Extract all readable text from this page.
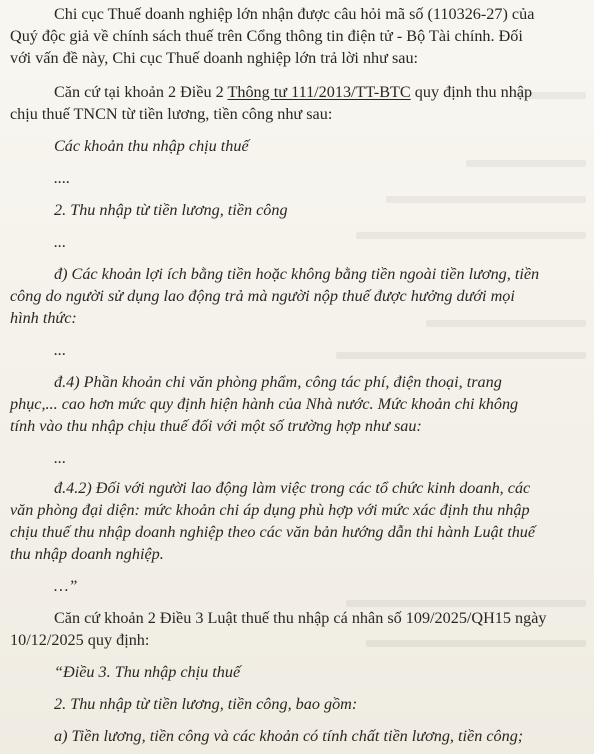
Chi cục Thuế doanh nghiệp lớn nhận được câu hỏi mã số (110326-27) của
Quý độc giả về chính sách thuế trên Cổng thông tin điện tử - Bộ Tài chính. Đối
với vấn đề này, Chi cục Thuế doanh nghiệp lớn trả lời như sau:
Căn cứ tại khoản 2 Điều 2 Thông tư 111/2013/TT-BTC quy định thu nhập
chịu thuế TNCN từ tiền lương, tiền công như sau:
Các khoản thu nhập chịu thuế
....
2. Thu nhập từ tiền lương, tiền công
...
đ) Các khoản lợi ích bằng tiền hoặc không bằng tiền ngoài tiền lương, tiền
công do người sử dụng lao động trả mà người nộp thuế được hưởng dưới mọi
hình thức:
...
đ.4) Phần khoản chi văn phòng phẩm, công tác phí, điện thoại, trang
phục,... cao hơn mức quy định hiện hành của Nhà nước. Mức khoản chi không
tính vào thu nhập chịu thuế đối với một số trường hợp như sau:
...
đ.4.2) Đối với người lao động làm việc trong các tổ chức kinh doanh, các
văn phòng đại diện: mức khoản chi áp dụng phù hợp với mức xác định thu nhập
chịu thuế thu nhập doanh nghiệp theo các văn bản hướng dẫn thi hành Luật thuế
thu nhập doanh nghiệp.
…”
Căn cứ khoản 2 Điều 3 Luật thuế thu nhập cá nhân số 109/2025/QH15 ngày
10/12/2025 quy định:
“Điều 3. Thu nhập chịu thuế
2. Thu nhập từ tiền lương, tiền công, bao gồm:
a) Tiền lương, tiền công và các khoản có tính chất tiền lương, tiền công;
